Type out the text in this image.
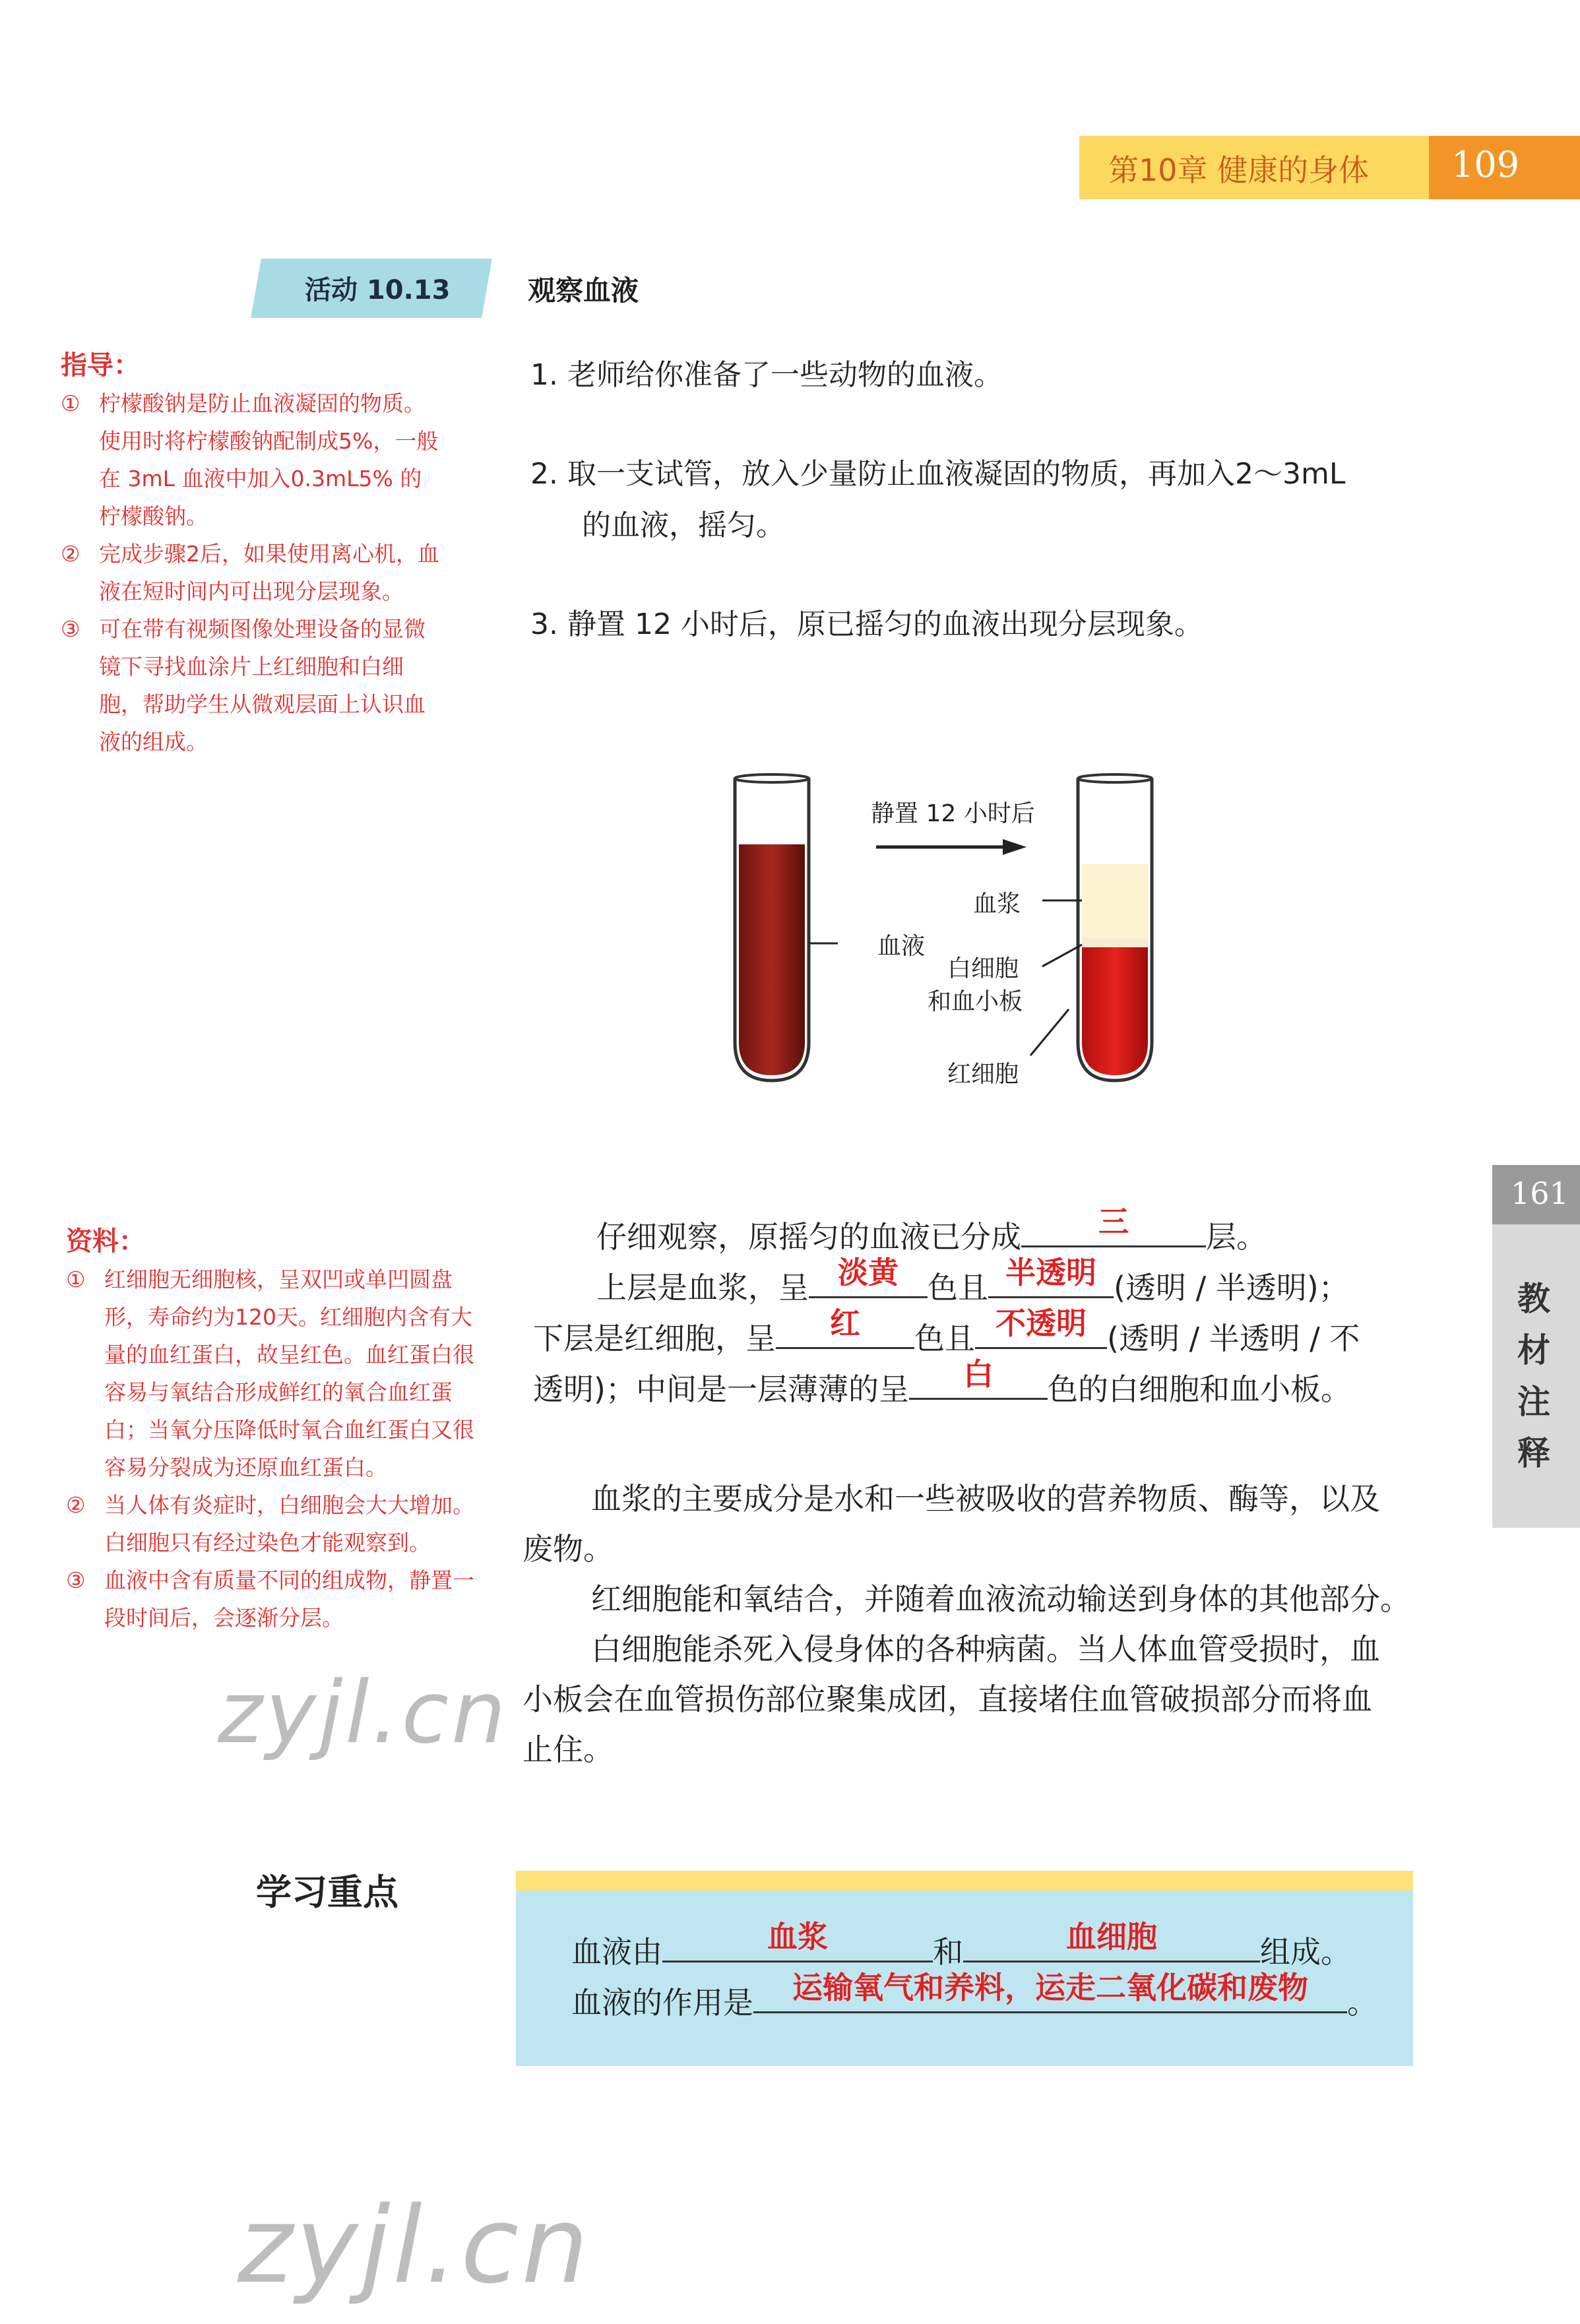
第10章 健康的身体 109
活动 10.13	观察血液
指导：
① 柠檬酸钠是防止血液凝固的物质。使用时将柠檬酸钠配制成5%，一般在 3mL 血液中加入0.3mL5% 的柠檬酸钠。
② 完成步骤2后，如果使用离心机，血液在短时间内可出现分层现象。
③ 可在带有视频图像处理设备的显微镜下寻找血涂片上红细胞和白细胞，帮助学生从微观层面上认识血液的组成。
1. 老师给你准备了一些动物的血液。
2. 取一支试管，放入少量防止血液凝固的物质，再加入2～3mL
的血液，摇匀。
3. 静置 12 小时后，原已摇匀的血液出现分层现象。
静置 12 小时后
血液
血浆
白细胞
和血小板
红细胞
资料：
① 红细胞无细胞核，呈双凹或单凹圆盘形，寿命约为120天。红细胞内含有大量的血红蛋白，故呈红色。血红蛋白很容易与氧结合形成鲜红的氧合血红蛋白；当氧分压降低时氧合血红蛋白又很容易分裂成为还原血红蛋白。
② 当人体有炎症时，白细胞会大大增加。白细胞只有经过染色才能观察到。
③ 血液中含有质量不同的组成物，静置一段时间后，会逐渐分层。
仔细观察，原摇匀的血液已分成	三	层。
上层是血浆，呈 淡黄 色且 半透明 (透明 / 半透明)；
下层是红细胞，呈	红	色且 不透明 (透明 / 半透明 / 不
透明)；中间是一层薄薄的呈	白	色的白细胞和血小板。
血浆的主要成分是水和一些被吸收的营养物质、酶等，以及
废物。
红细胞能和氧结合，并随着血液流动输送到身体的其他部分。
白细胞能杀死入侵身体的各种病菌。当人体血管受损时，血
小板会在血管损伤部位聚集成团，直接堵住血管破损部分而将血
止住。
161
教材注释
学习重点
血液由	血浆	和	血细胞	组成。
血液的作用是	运输氧气和养料，运走二氧化碳和废物	。
zyjl.cn
zyjl.cn
